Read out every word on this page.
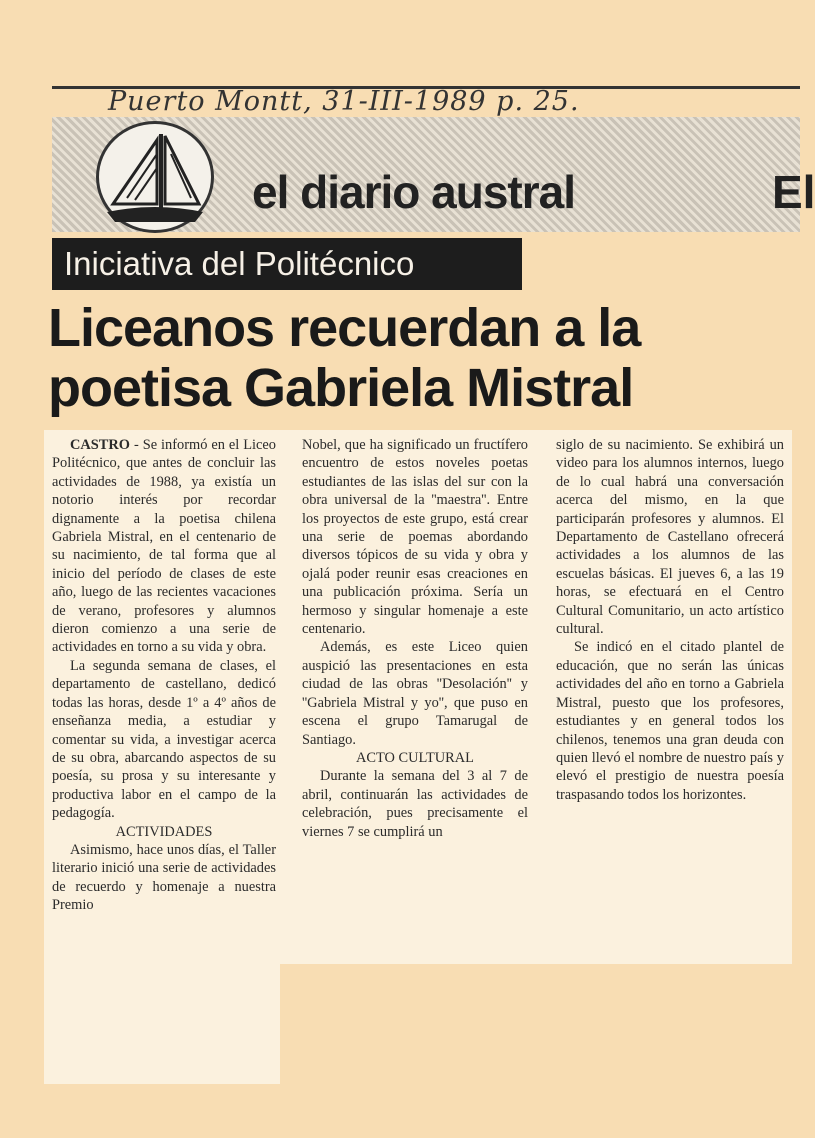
el diario austral	El
Puerto Montt, 31-III-1989 p. 25.
Iniciativa del Politécnico
Liceanos recuerdan a la
poetisa Gabriela Mistral

CASTRO - Se informó en el Liceo Politécnico, que antes de concluir las actividades de 1988, ya existía un notorio interés por recordar dignamente a la poetisa chilena Gabriela Mistral, en el centenario de su nacimiento, de tal forma que al inicio del período de clases de este año, luego de las recientes vacaciones de verano, profesores y alumnos dieron comienzo a una serie de actividades en torno a su vida y obra.

La segunda semana de clases, el departamento de castellano, dedicó todas las horas, desde 1º a 4º años de enseñanza media, a estudiar y comentar su vida, a investigar acerca de su obra, abarcando aspectos de su poesía, su prosa y su interesante y productiva labor en el campo de la pedagogía.

ACTIVIDADES

Asimismo, hace unos días, el Taller literario inició una serie de actividades de recuerdo y homenaje a nuestra Premio

Nobel, que ha significado un fructífero encuentro de estos noveles poetas estudiantes de las islas del sur con la obra universal de la ''maestra''. Entre los proyectos de este grupo, está crear una serie de poemas abordando diversos tópicos de su vida y obra y ojalá poder reunir esas creaciones en una publicación próxima. Sería un hermoso y singular homenaje a este centenario.

Además, es este Liceo quien auspició las presentaciones en esta ciudad de las obras ''Desolación'' y ''Gabriela Mistral y yo'', que puso en escena el grupo Tamarugal de Santiago.

ACTO CULTURAL

Durante la semana del 3 al 7 de abril, continuarán las actividades de celebración, pues precisamente el viernes 7 se cumplirá un

siglo de su nacimiento. Se exhibirá un video para los alumnos internos, luego de lo cual habrá una conversación acerca del mismo, en la que participarán profesores y alumnos. El Departamento de Castellano ofrecerá actividades a los alumnos de las escuelas básicas. El jueves 6, a las 19 horas, se efectuará en el Centro Cultural Comunitario, un acto artístico cultural.

Se indicó en el citado plantel de educación, que no serán las únicas actividades del año en torno a Gabriela Mistral, puesto que los profesores, estudiantes y en general todos los chilenos, tenemos una gran deuda con quien llevó el nombre de nuestro país y elevó el prestigio de nuestra poesía traspasando todos los horizontes.
